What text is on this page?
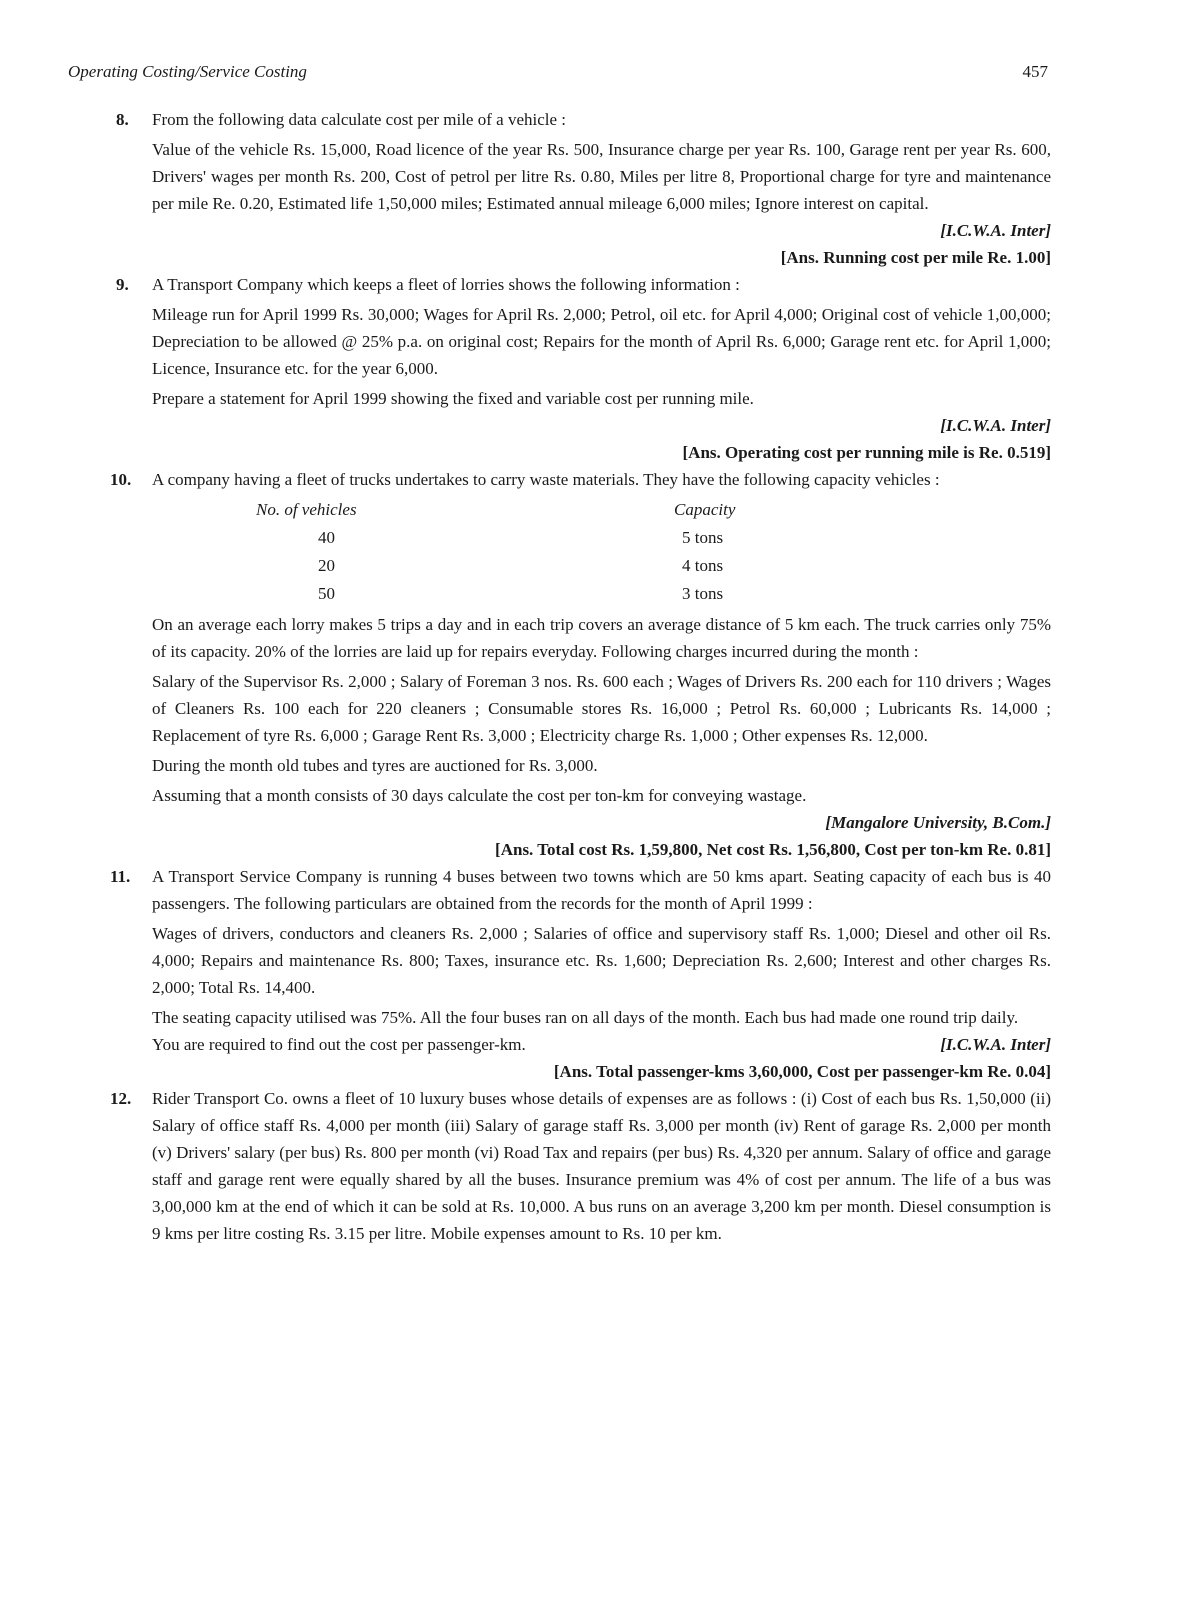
Operating Costing/Service Costing	457
8. From the following data calculate cost per mile of a vehicle :

Value of the vehicle Rs. 15,000, Road licence of the year Rs. 500, Insurance charge per year Rs. 100, Garage rent per year Rs. 600, Drivers' wages per month Rs. 200, Cost of petrol per litre Rs. 0.80, Miles per litre 8, Proportional charge for tyre and maintenance per mile Re. 0.20, Estimated life 1,50,000 miles; Estimated annual mileage 6,000 miles; Ignore interest on capital.

[I.C.W.A. Inter]

[Ans. Running cost per mile Re. 1.00]

9. A Transport Company which keeps a fleet of lorries shows the following information :

Mileage run for April 1999 Rs. 30,000; Wages for April Rs. 2,000; Petrol, oil etc. for April 4,000; Original cost of vehicle 1,00,000; Depreciation to be allowed @ 25% p.a. on original cost; Repairs for the month of April Rs. 6,000; Garage rent etc. for April 1,000; Licence, Insurance etc. for the year 6,000.

Prepare a statement for April 1999 showing the fixed and variable cost per running mile.

[I.C.W.A. Inter]

[Ans. Operating cost per running mile is Re. 0.519]

10. A company having a fleet of trucks undertakes to carry waste materials. They have the following capacity vehicles :

No. of vehicles	Capacity
40	5 tons
20	4 tons
50	3 tons

On an average each lorry makes 5 trips a day and in each trip covers an average distance of 5 km each. The truck carries only 75% of its capacity. 20% of the lorries are laid up for repairs everyday. Following charges incurred during the month :

Salary of the Supervisor Rs. 2,000 ; Salary of Foreman 3 nos. Rs. 600 each ; Wages of Drivers Rs. 200 each for 110 drivers ; Wages of Cleaners Rs. 100 each for 220 cleaners ; Consumable stores Rs. 16,000 ; Petrol Rs. 60,000 ; Lubricants Rs. 14,000 ; Replacement of tyre Rs. 6,000 ; Garage Rent Rs. 3,000 ; Electricity charge Rs. 1,000 ; Other expenses Rs. 12,000.

During the month old tubes and tyres are auctioned for Rs. 3,000.

Assuming that a month consists of 30 days calculate the cost per ton-km for conveying wastage.

[Mangalore University, B.Com.]

[Ans. Total cost Rs. 1,59,800, Net cost Rs. 1,56,800, Cost per ton-km Re. 0.81]

11. A Transport Service Company is running 4 buses between two towns which are 50 kms apart. Seating capacity of each bus is 40 passengers. The following particulars are obtained from the records for the month of April 1999 :

Wages of drivers, conductors and cleaners Rs. 2,000 ; Salaries of office and supervisory staff Rs. 1,000; Diesel and other oil Rs. 4,000; Repairs and maintenance Rs. 800; Taxes, insurance etc. Rs. 1,600; Depreciation Rs. 2,600; Interest and other charges Rs. 2,000; Total Rs. 14,400.

The seating capacity utilised was 75%. All the four buses ran on all days of the month. Each bus had made one round trip daily.

You are required to find out the cost per passenger-km.	[I.C.W.A. Inter]

[Ans. Total passenger-kms 3,60,000, Cost per passenger-km Re. 0.04]

12. Rider Transport Co. owns a fleet of 10 luxury buses whose details of expenses are as follows : (i) Cost of each bus Rs. 1,50,000 (ii) Salary of office staff Rs. 4,000 per month (iii) Salary of garage staff Rs. 3,000 per month (iv) Rent of garage Rs. 2,000 per month (v) Drivers' salary (per bus) Rs. 800 per month (vi) Road Tax and repairs (per bus) Rs. 4,320 per annum. Salary of office and garage staff and garage rent were equally shared by all the buses. Insurance premium was 4% of cost per annum. The life of a bus was 3,00,000 km at the end of which it can be sold at Rs. 10,000. A bus runs on an average 3,200 km per month. Diesel consumption is 9 kms per litre costing Rs. 3.15 per litre. Mobile expenses amount to Rs. 10 per km.
